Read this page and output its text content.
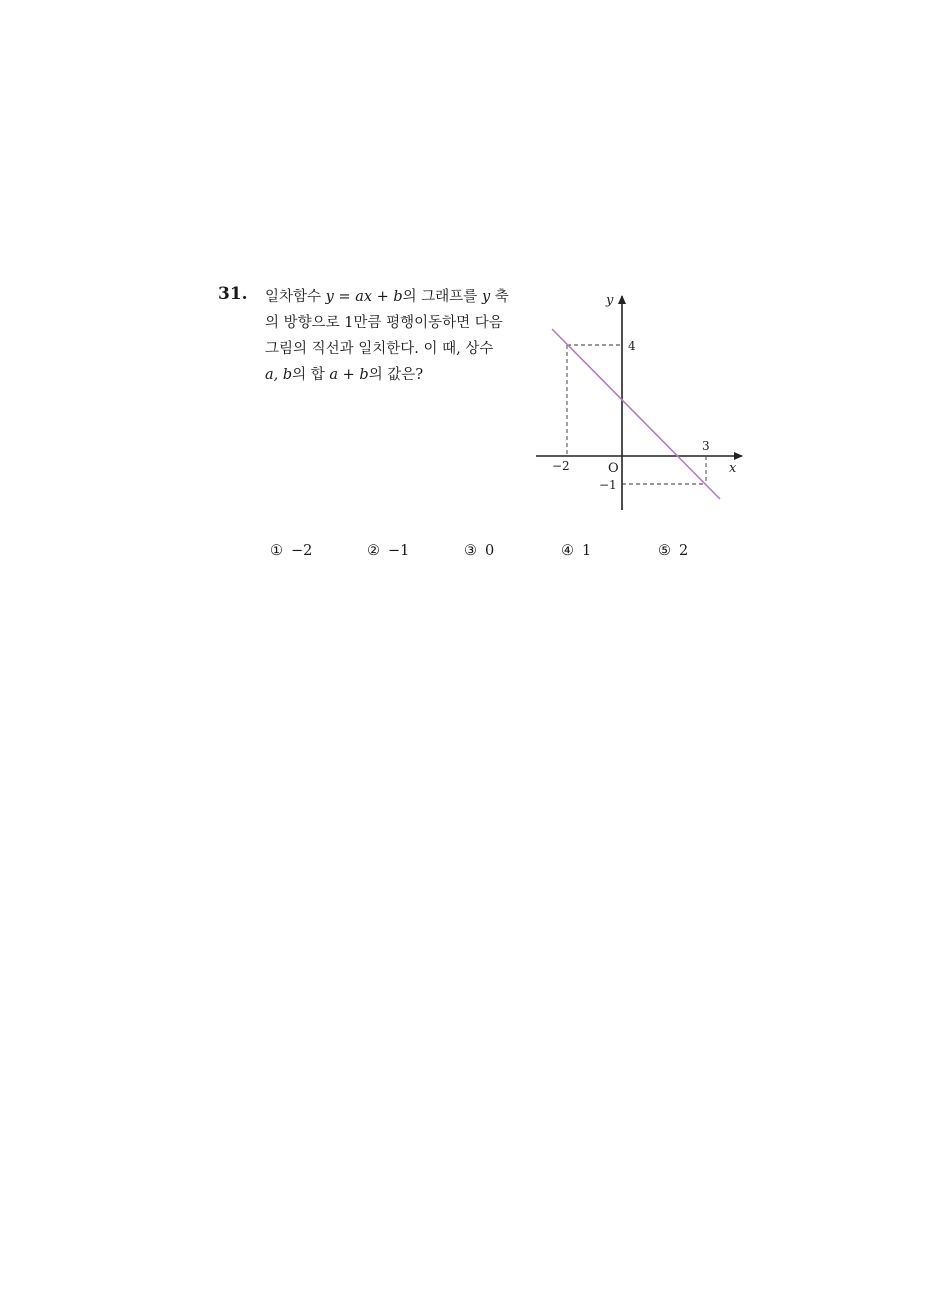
31. 일차함수 y = ax + b의 그래프를 y 축
의 방향으로 1만큼 평행이동하면 다음
그림의 직선과 일치한다. 이 때, 상수
a, b의 합 a + b의 값은?
y
x
O
4
−2
3
−1
① −2	② −1	③ 0	④ 1	⑤ 2
